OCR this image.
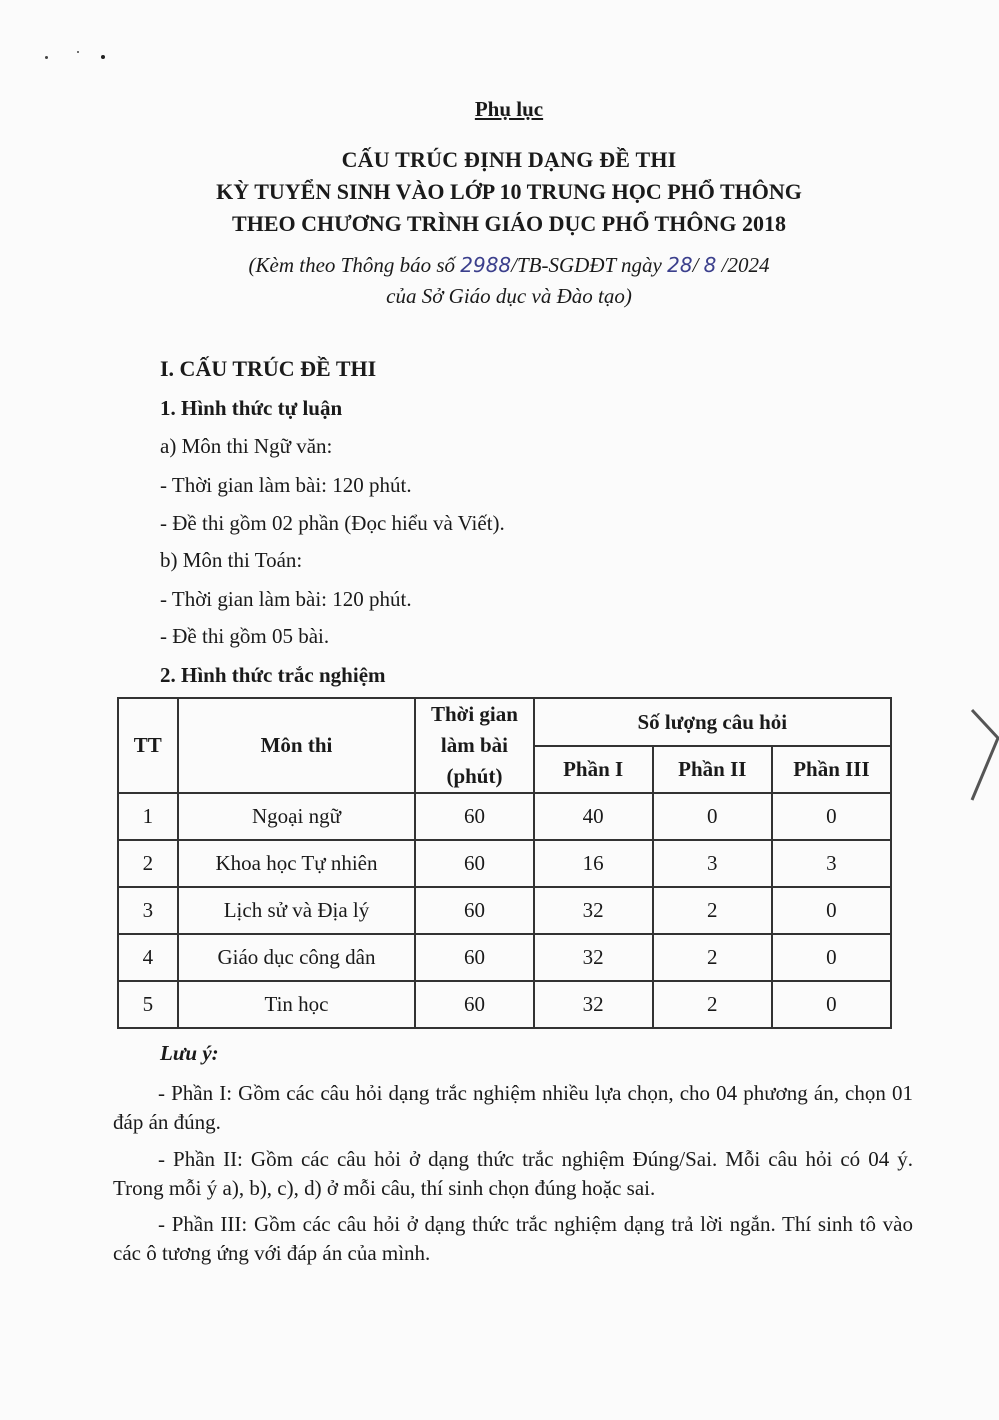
Phụ lục
CẤU TRÚC ĐỊNH DẠNG ĐỀ THI
KỲ TUYỂN SINH VÀO LỚP 10 TRUNG HỌC PHỔ THÔNG
THEO CHƯƠNG TRÌNH GIÁO DỤC PHỔ THÔNG 2018
(Kèm theo Thông báo số 2988/TB-SGDĐT ngày 28/ 8 /2024
của Sở Giáo dục và Đào tạo)
I. CẤU TRÚC ĐỀ THI
1. Hình thức tự luận
a) Môn thi Ngữ văn:
- Thời gian làm bài: 120 phút.
- Đề thi gồm 02 phần (Đọc hiểu và Viết).
b) Môn thi Toán:
- Thời gian làm bài: 120 phút.
- Đề thi gồm 05 bài.
2. Hình thức trắc nghiệm
TT	Môn thi	Thời gian làm bài (phút)	Số lượng câu hỏi		
			Phần I	Phần II	Phần III
1	Ngoại ngữ	60	40	0	0
2	Khoa học Tự nhiên	60	16	3	3
3	Lịch sử và Địa lý	60	32	2	0
4	Giáo dục công dân	60	32	2	0
5	Tin học	60	32	2	0
Lưu ý:
- Phần I: Gồm các câu hỏi dạng trắc nghiệm nhiều lựa chọn, cho 04 phương án, chọn 01 đáp án đúng.
- Phần II: Gồm các câu hỏi ở dạng thức trắc nghiệm Đúng/Sai. Mỗi câu hỏi có 04 ý. Trong mỗi ý a), b), c), d) ở mỗi câu, thí sinh chọn đúng hoặc sai.
- Phần III: Gồm các câu hỏi ở dạng thức trắc nghiệm dạng trả lời ngắn. Thí sinh tô vào các ô tương ứng với đáp án của mình.
